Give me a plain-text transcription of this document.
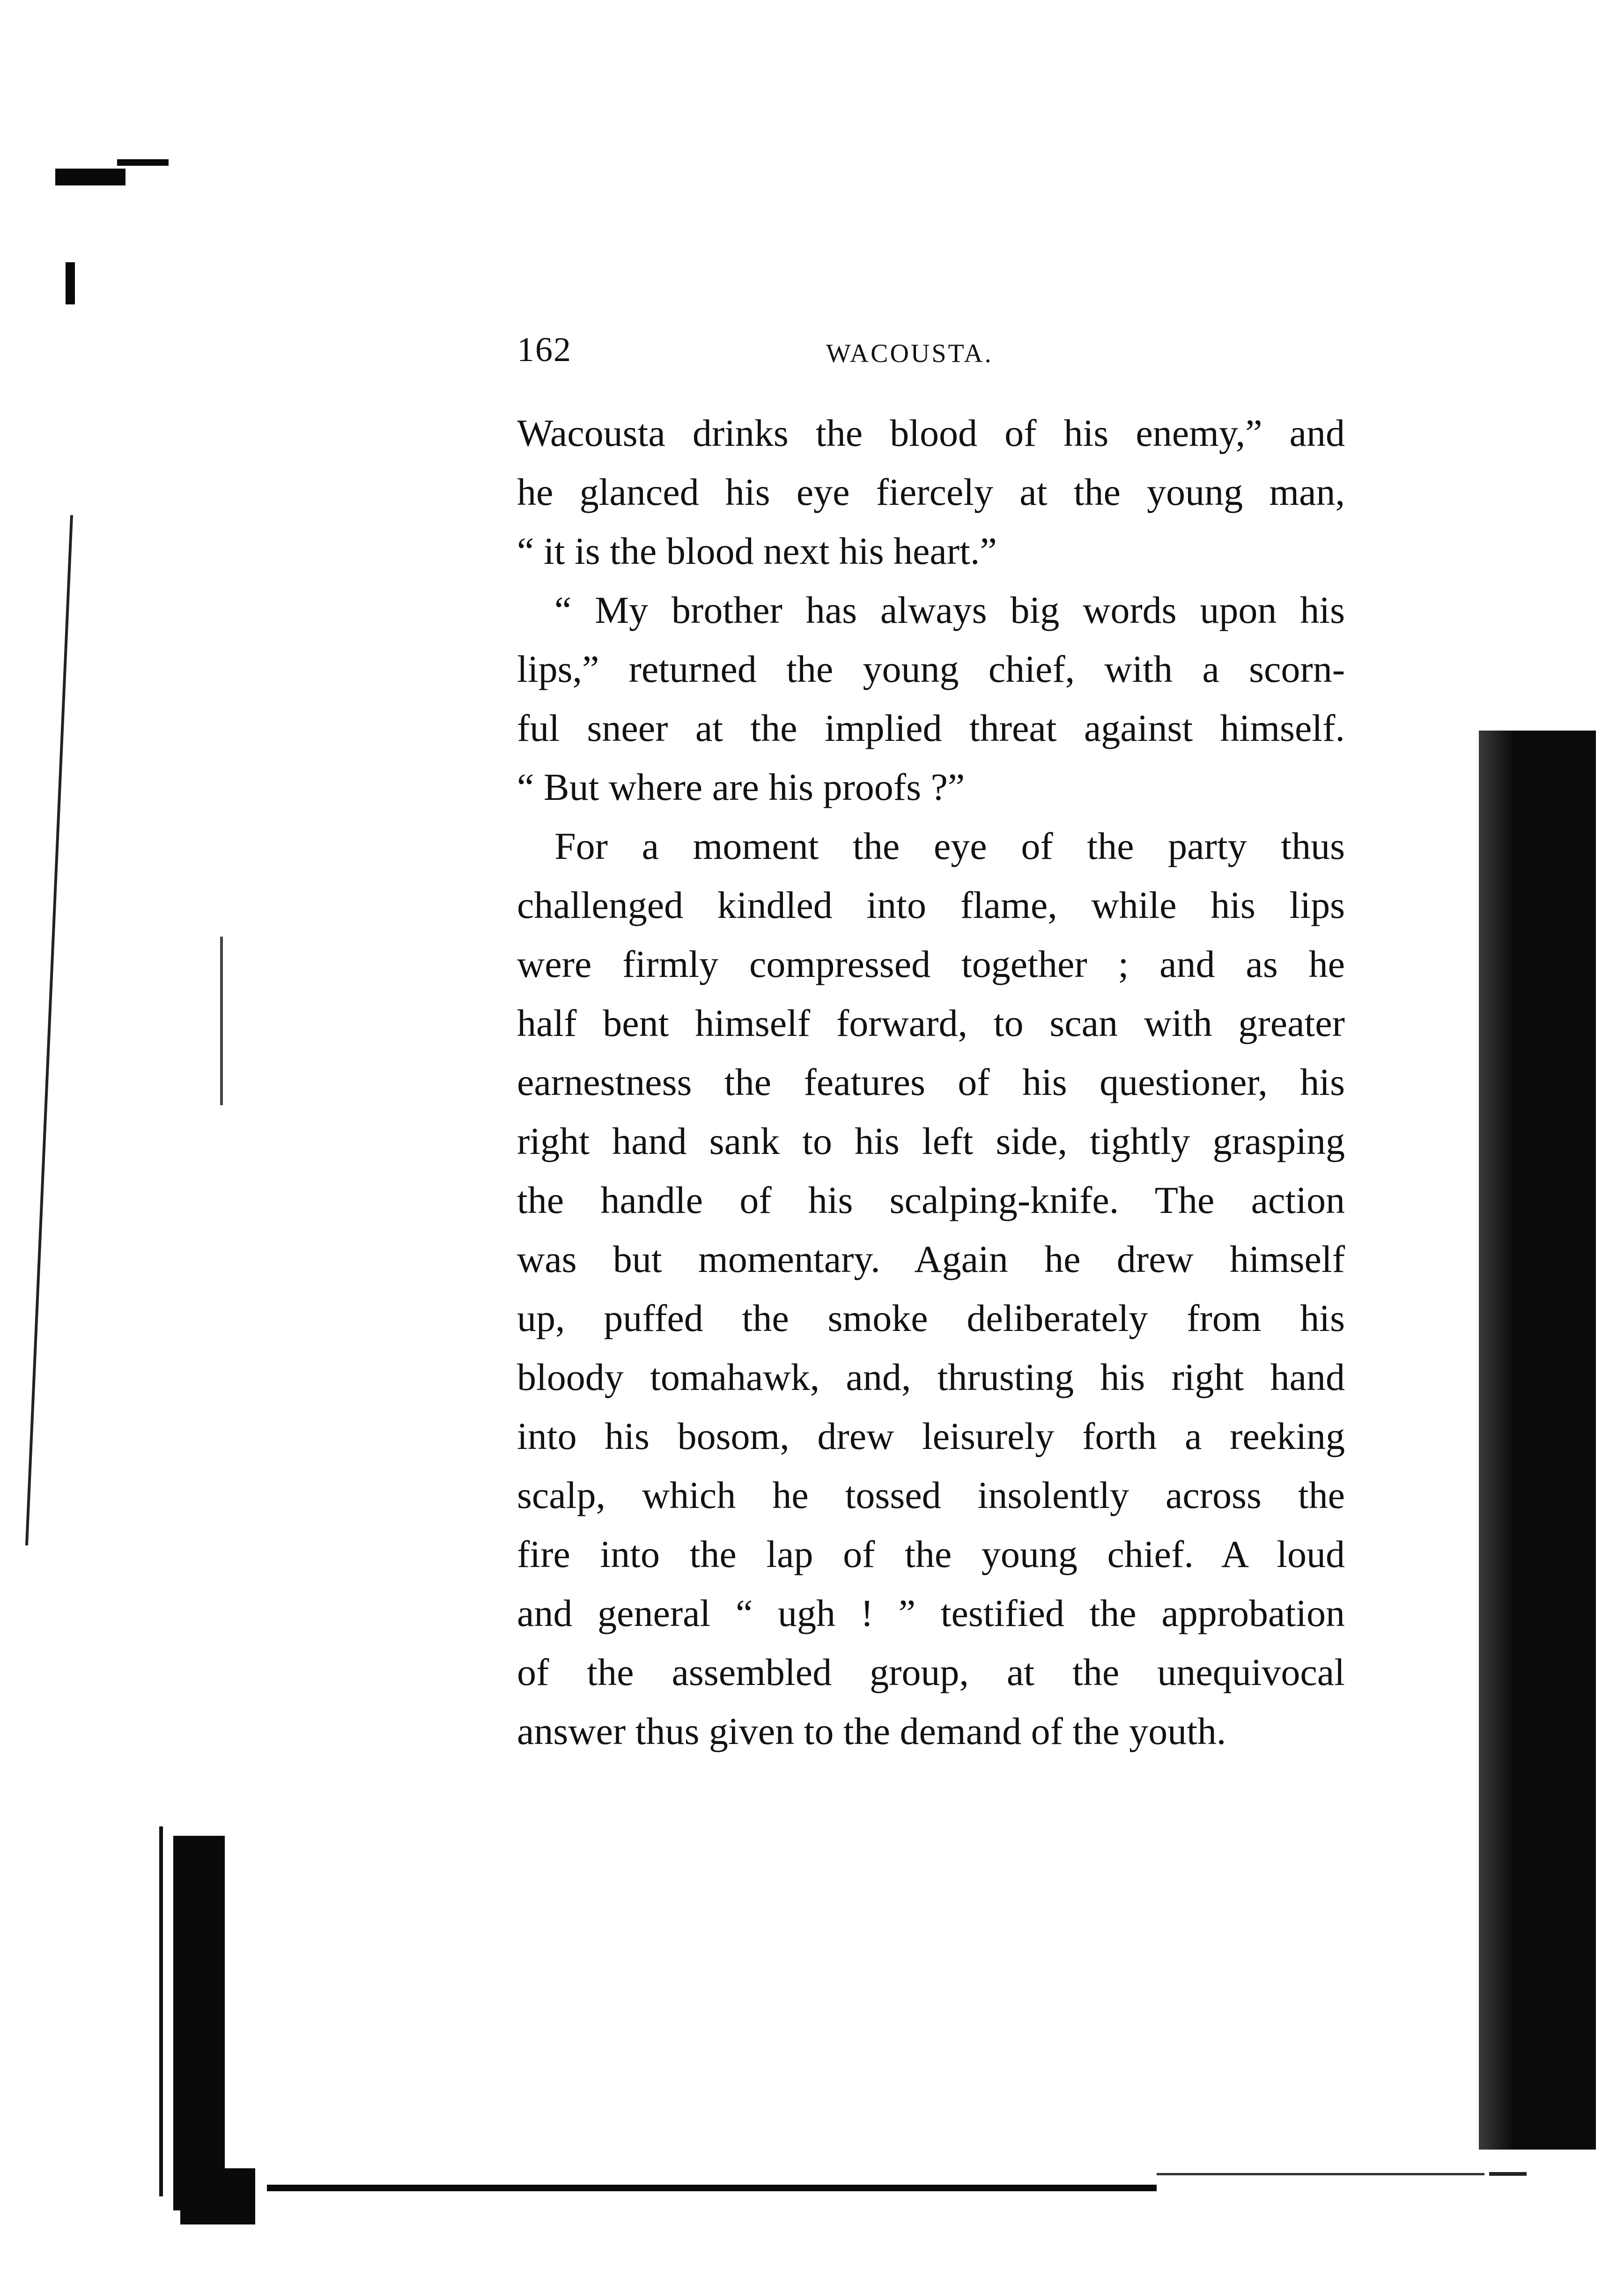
162	WACOUSTA.
Wacousta drinks the blood of his enemy,” and
he glanced his eye fiercely at the young man,
“ it is the blood next his heart.”
“ My brother has always big words upon his
lips,” returned the young chief, with a scorn-
ful sneer at the implied threat against himself.
“ But where are his proofs ?”
For a moment the eye of the party thus
challenged kindled into flame, while his lips
were firmly compressed together ; and as he
half bent himself forward, to scan with greater
earnestness the features of his questioner, his
right hand sank to his left side, tightly grasping
the handle of his scalping-knife. The action
was but momentary. Again he drew himself
up, puffed the smoke deliberately from his
bloody tomahawk, and, thrusting his right hand
into his bosom, drew leisurely forth a reeking
scalp, which he tossed insolently across the
fire into the lap of the young chief. A loud
and general “ ugh ! ” testified the approbation
of the assembled group, at the unequivocal
answer thus given to the demand of the youth.
